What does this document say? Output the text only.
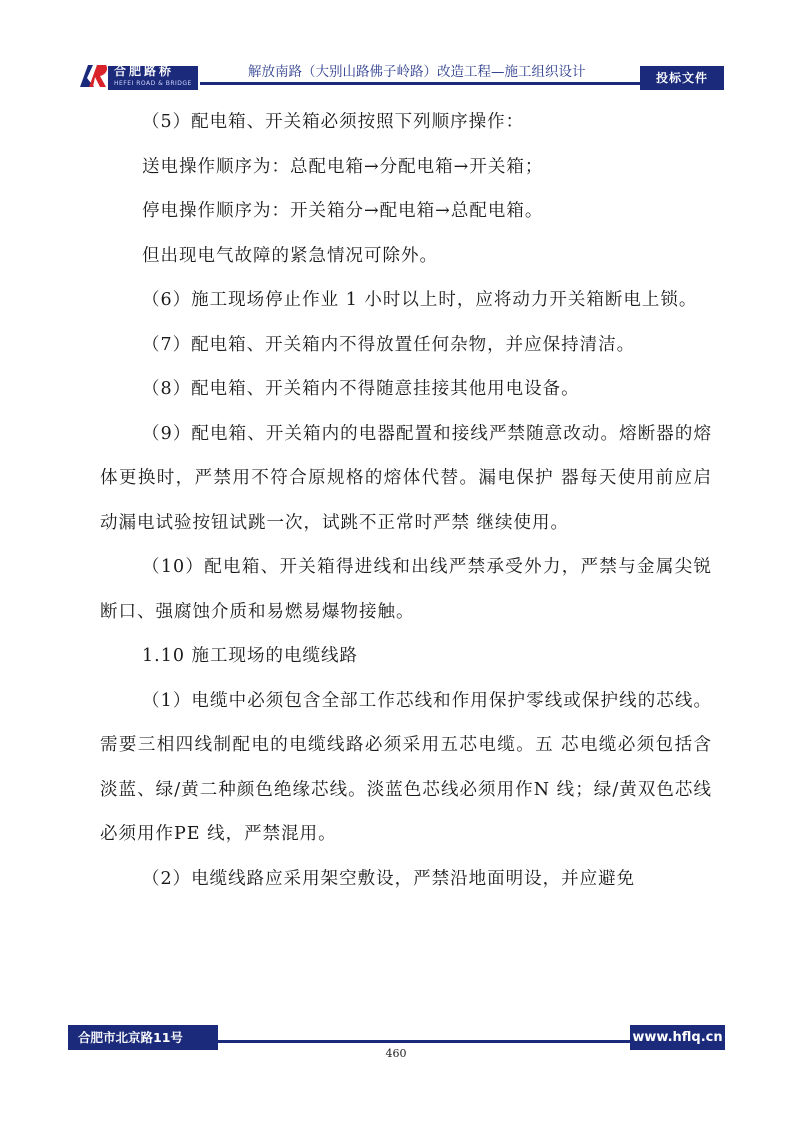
合肥路桥
HEFEI ROAD & BRIDGE
解放南路（大别山路佛子岭路）改造工程—施工组织设计	投标文件

（5）配电箱、开关箱必须按照下列顺序操作：

送电操作顺序为：总配电箱→分配电箱→开关箱；

停电操作顺序为：开关箱分→配电箱→总配电箱。

但出现电气故障的紧急情况可除外。

（6）施工现场停止作业 1 小时以上时，应将动力开关箱断电上锁。

（7）配电箱、开关箱内不得放置任何杂物，并应保持清洁。

（8）配电箱、开关箱内不得随意挂接其他用电设备。

（9）配电箱、开关箱内的电器配置和接线严禁随意改动。熔断器的熔体更换时，严禁用不符合原规格的熔体代替。漏电保护 器每天使用前应启动漏电试验按钮试跳一次，试跳不正常时严禁 继续使用。

（10）配电箱、开关箱得进线和出线严禁承受外力，严禁与金属尖锐断口、强腐蚀介质和易燃易爆物接触。

1.10 施工现场的电缆线路

（1）电缆中必须包含全部工作芯线和作用保护零线或保护线的芯线。需要三相四线制配电的电缆线路必须采用五芯电缆。五 芯电缆必须包括含淡蓝、绿/黄二种颜色绝缘芯线。淡蓝色芯线必须用作N 线；绿/黄双色芯线必须用作PE 线，严禁混用。

（2）电缆线路应采用架空敷设，严禁沿地面明设，并应避免

合肥市北京路11号	www.hflq.cn
460
